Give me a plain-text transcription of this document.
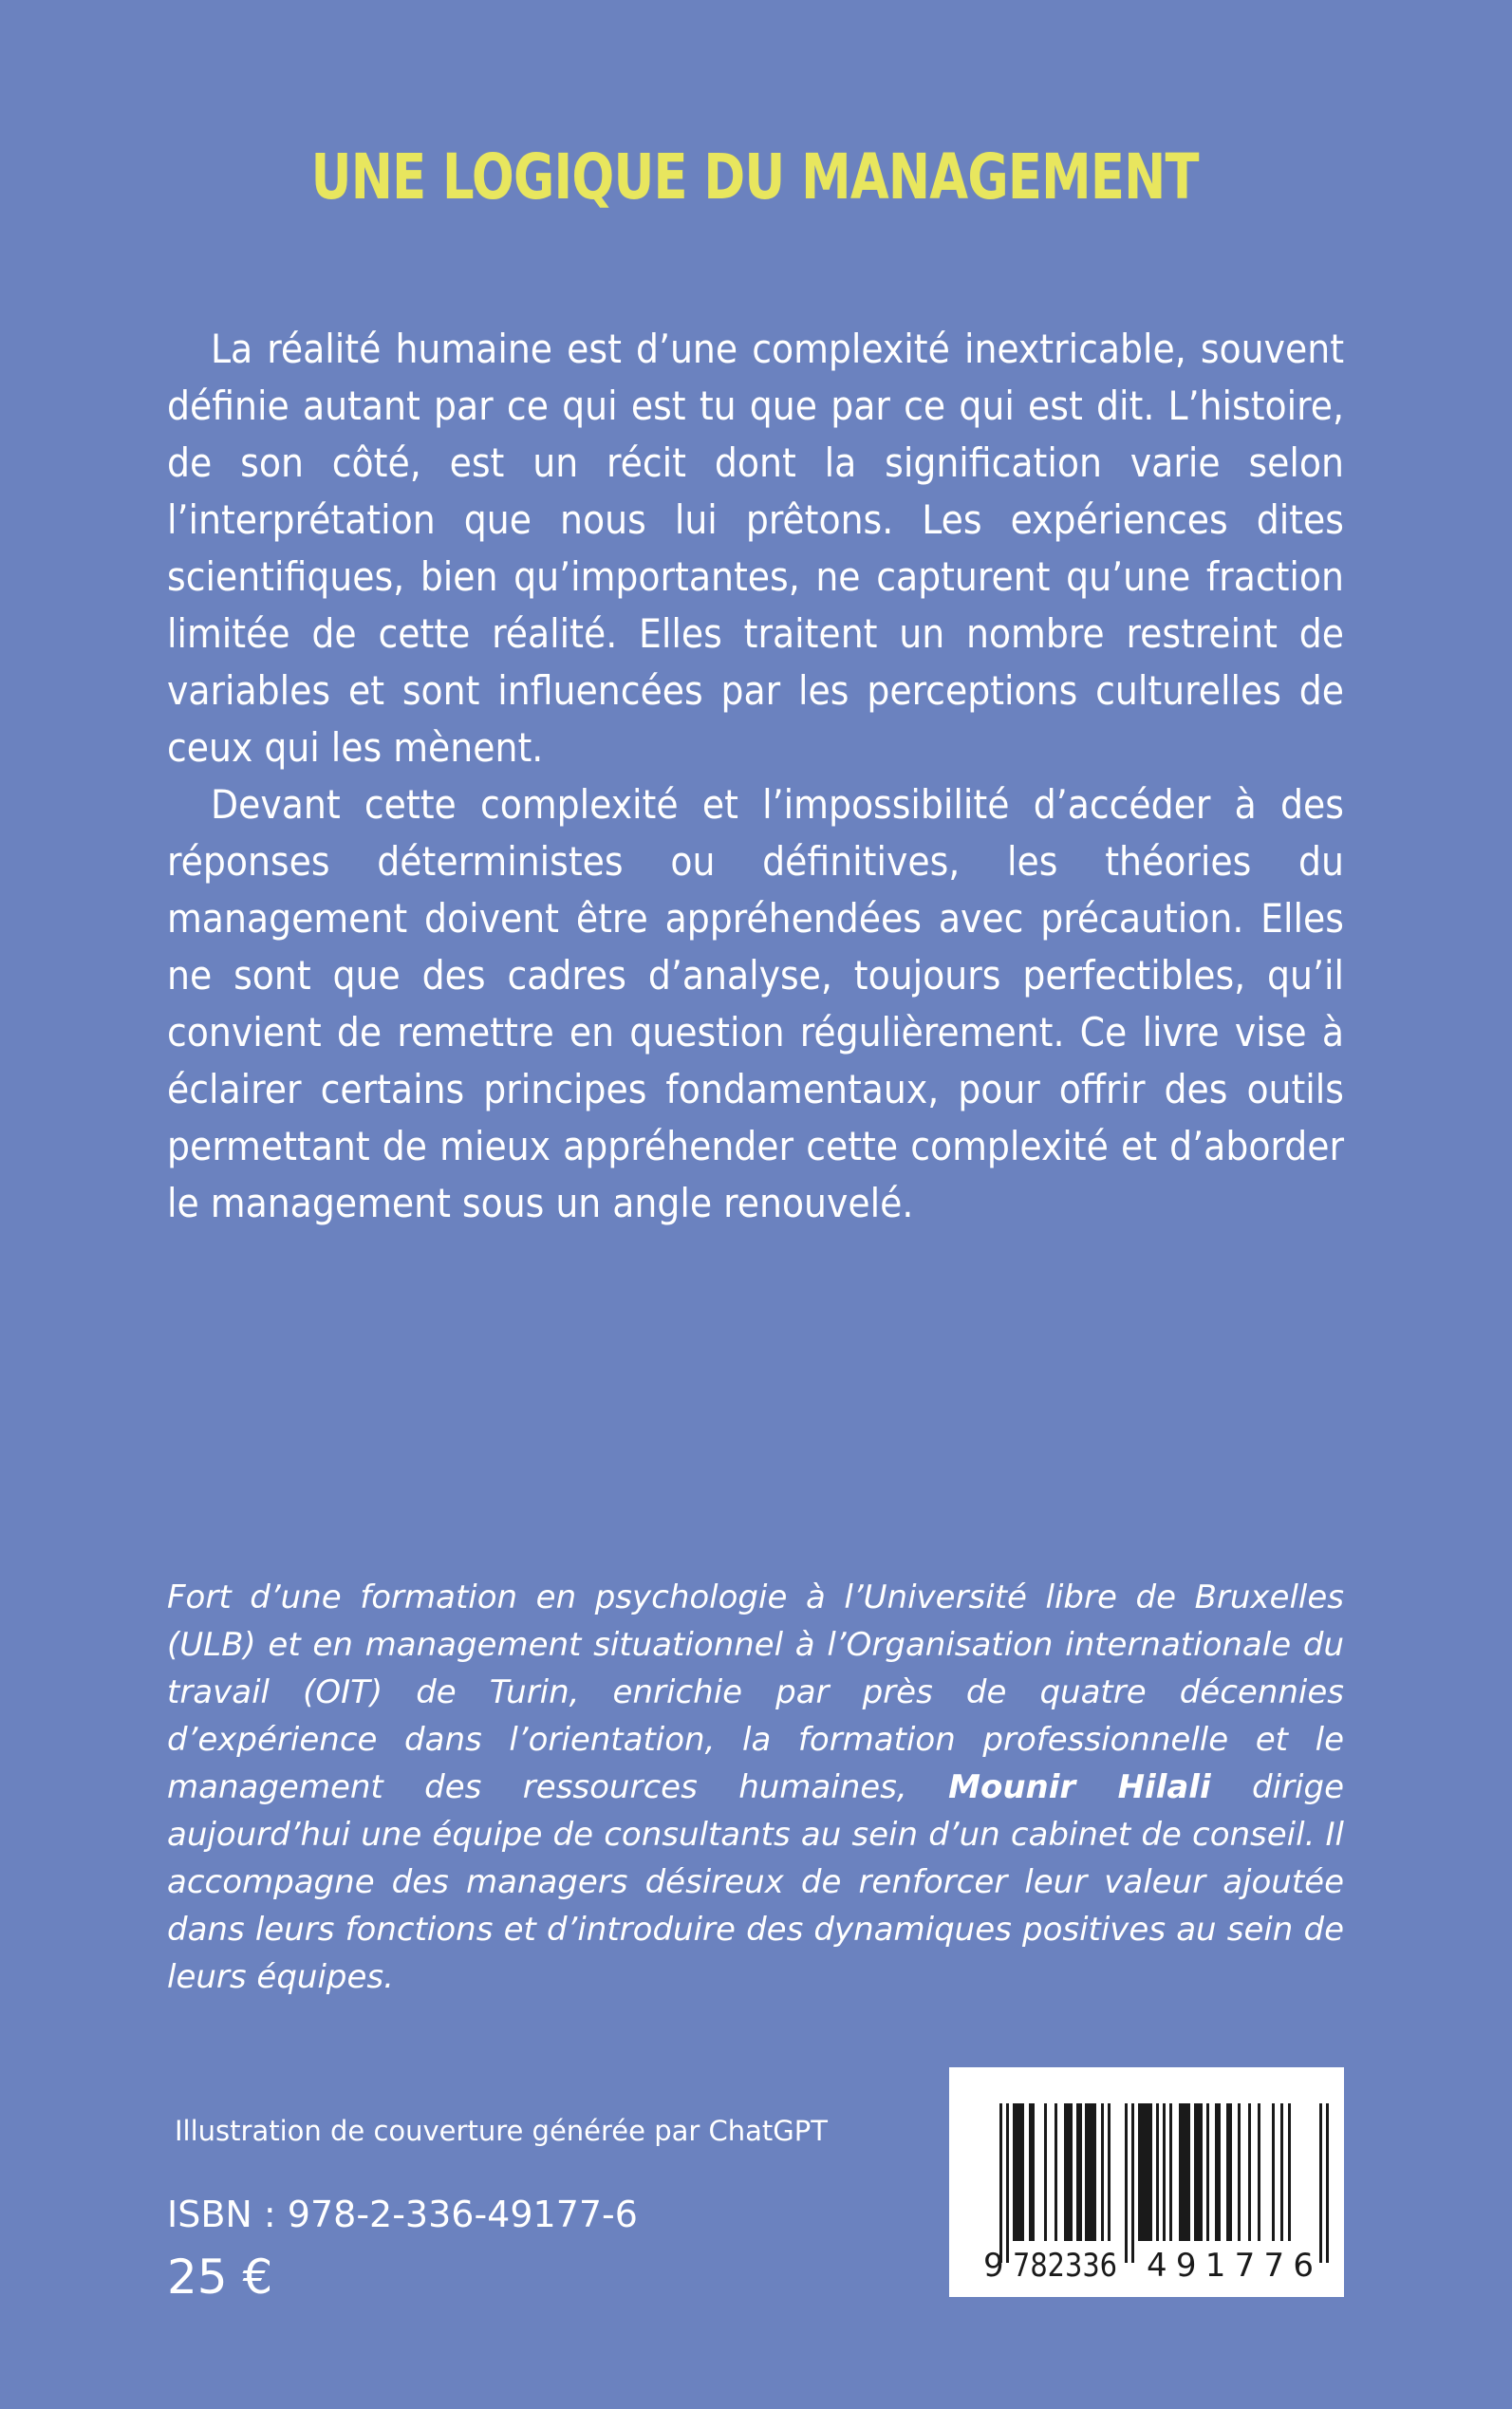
UNE LOGIQUE DU MANAGEMENT

La réalité humaine est d’une complexité inextricable, souvent définie autant par ce qui est tu que par ce qui est dit. L’histoire, de son côté, est un récit dont la signification varie selon l’interprétation que nous lui prêtons. Les expériences dites scientifiques, bien qu’importantes, ne capturent qu’une fraction limitée de cette réalité. Elles traitent un nombre restreint de variables et sont influencées par les perceptions culturelles de ceux qui les mènent.

Devant cette complexité et l’impossibilité d’accéder à des réponses déterministes ou définitives, les théories du management doivent être appréhendées avec précaution. Elles ne sont que des cadres d’analyse, toujours perfectibles, qu’il convient de remettre en question régulièrement. Ce livre vise à éclairer certains principes fondamentaux, pour offrir des outils permettant de mieux appréhender cette complexité et d’aborder le management sous un angle renouvelé.

Fort d’une formation en psychologie à l’Université libre de Bruxelles (ULB) et en management situationnel à l’Organisation internationale du travail (OIT) de Turin, enrichie par près de quatre décennies d’expérience dans l’orientation, la formation professionnelle et le management des ressources humaines, Mounir Hilali dirige aujourd’hui une équipe de consultants au sein d’un cabinet de conseil. Il accompagne des managers désireux de renforcer leur valeur ajoutée dans leurs fonctions et d’introduire des dynamiques positives au sein de leurs équipes.
Illustration de couverture générée par ChatGPT
ISBN : 978-2-336-49177-6
25 €	9 782336 491776
